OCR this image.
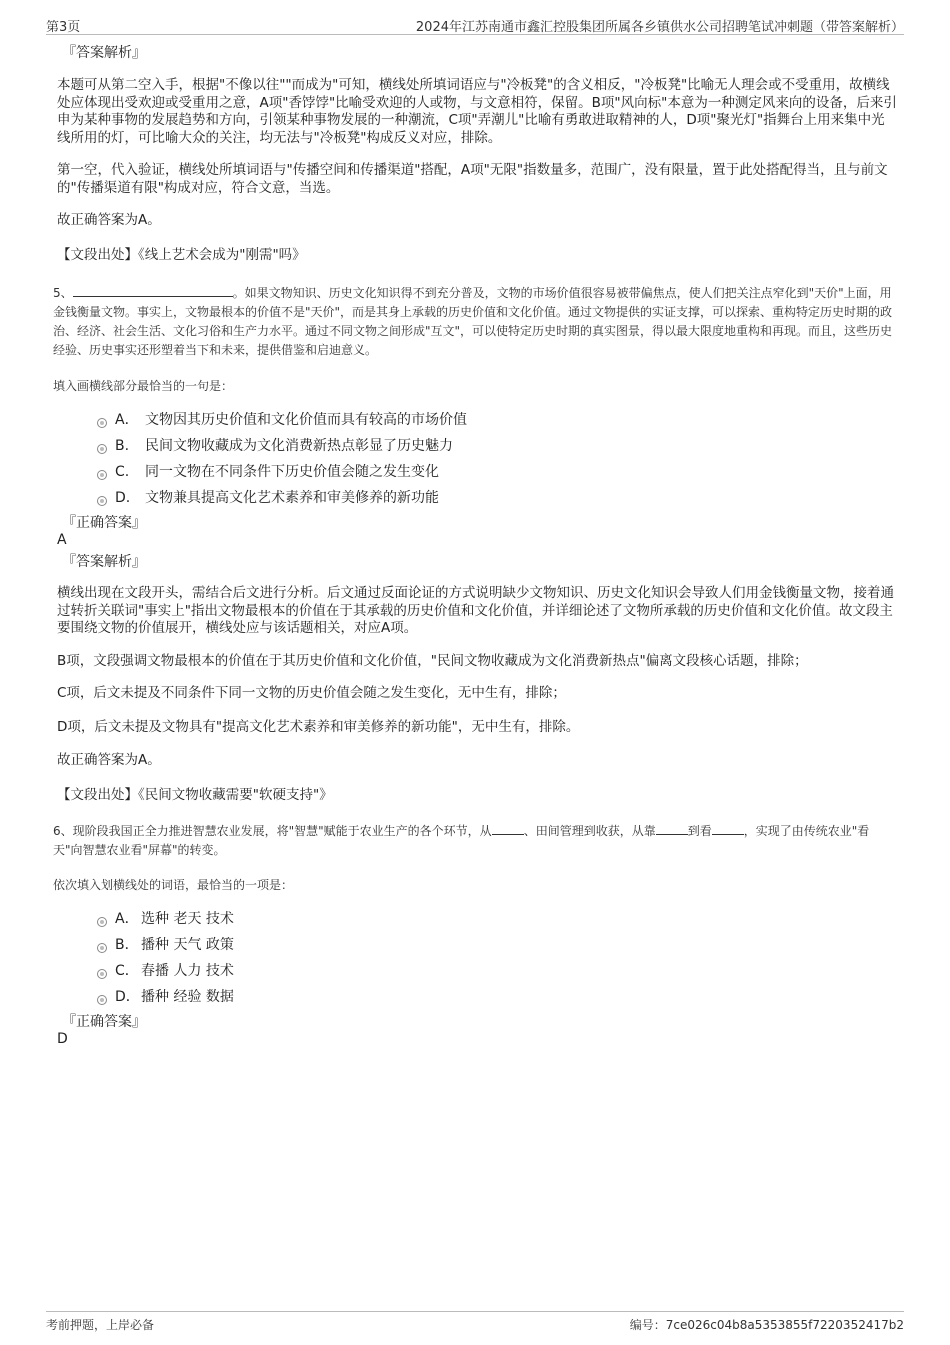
第3页	2024年江苏南通市鑫汇控股集团所属各乡镇供水公司招聘笔试冲刺题（带答案解析）

『答案解析』

本题可从第二空入手，根据"不像以往""而成为"可知，横线处所填词语应与"冷板凳"的含义相反，"冷板凳"比喻无人理会或不受重用，故横线处应体现出受欢迎或受重用之意，A项"香饽饽"比喻受欢迎的人或物，与文意相符，保留。B项"风向标"本意为一种测定风来向的设备，后来引申为某种事物的发展趋势和方向，引领某种事物发展的一种潮流，C项"弄潮儿"比喻有勇敢进取精神的人，D项"聚光灯"指舞台上用来集中光线所用的灯，可比喻大众的关注，均无法与"冷板凳"构成反义对应，排除。

第一空，代入验证，横线处所填词语与"传播空间和传播渠道"搭配，A项"无限"指数量多，范围广，没有限量，置于此处搭配得当，且与前文的"传播渠道有限"构成对应，符合文意，当选。

故正确答案为A。

【文段出处】《线上艺术会成为"刚需"吗》

5、	。如果文物知识、历史文化知识得不到充分普及，文物的市场价值很容易被带偏焦点，使人们把关注点窄化到"天价"上面，用金钱衡量文物。事实上，文物最根本的价值不是"天价"，而是其身上承载的历史价值和文化价值。通过文物提供的实证支撑，可以探索、重构特定历史时期的政治、经济、社会生活、文化习俗和生产力水平。通过不同文物之间形成"互文"，可以使特定历史时期的真实图景，得以最大限度地重构和再现。而且，这些历史经验、历史事实还形塑着当下和未来，提供借鉴和启迪意义。

填入画横线部分最恰当的一句是：

A． 文物因其历史价值和文化价值而具有较高的市场价值
B. 民间文物收藏成为文化消费新热点彰显了历史魅力
C. 同一文物在不同条件下历史价值会随之发生变化
D. 文物兼具提高文化艺术素养和审美修养的新功能

『正确答案』

A

『答案解析』

横线出现在文段开头，需结合后文进行分析。后文通过反面论证的方式说明缺少文物知识、历史文化知识会导致人们用金钱衡量文物，接着通过转折关联词"事实上"指出文物最根本的价值在于其承载的历史价值和文化价值，并详细论述了文物所承载的历史价值和文化价值。故文段主要围绕文物的价值展开，横线处应与该话题相关，对应A项。

B项，文段强调文物最根本的价值在于其历史价值和文化价值，"民间文物收藏成为文化消费新热点"偏离文段核心话题，排除；

C项，后文未提及不同条件下同一文物的历史价值会随之发生变化，无中生有，排除；

D项，后文未提及文物具有"提高文化艺术素养和审美修养的新功能"，无中生有，排除。

故正确答案为A。

【文段出处】《民间文物收藏需要"软硬支持"》

6、现阶段我国正全力推进智慧农业发展，将"智慧"赋能于农业生产的各个环节，从	、田间管理到收获，从靠	到看	，实现了由传统农业"看天"向智慧农业看"屏幕"的转变。

依次填入划横线处的词语，最恰当的一项是：

A． 选种 老天 技术
B． 播种 天气 政策
C． 春播 人力 技术
D．播种 经验 数据

『正确答案』

D

考前押题，上岸必备	编号：7ce026c04b8a5353855f7220352417b2
